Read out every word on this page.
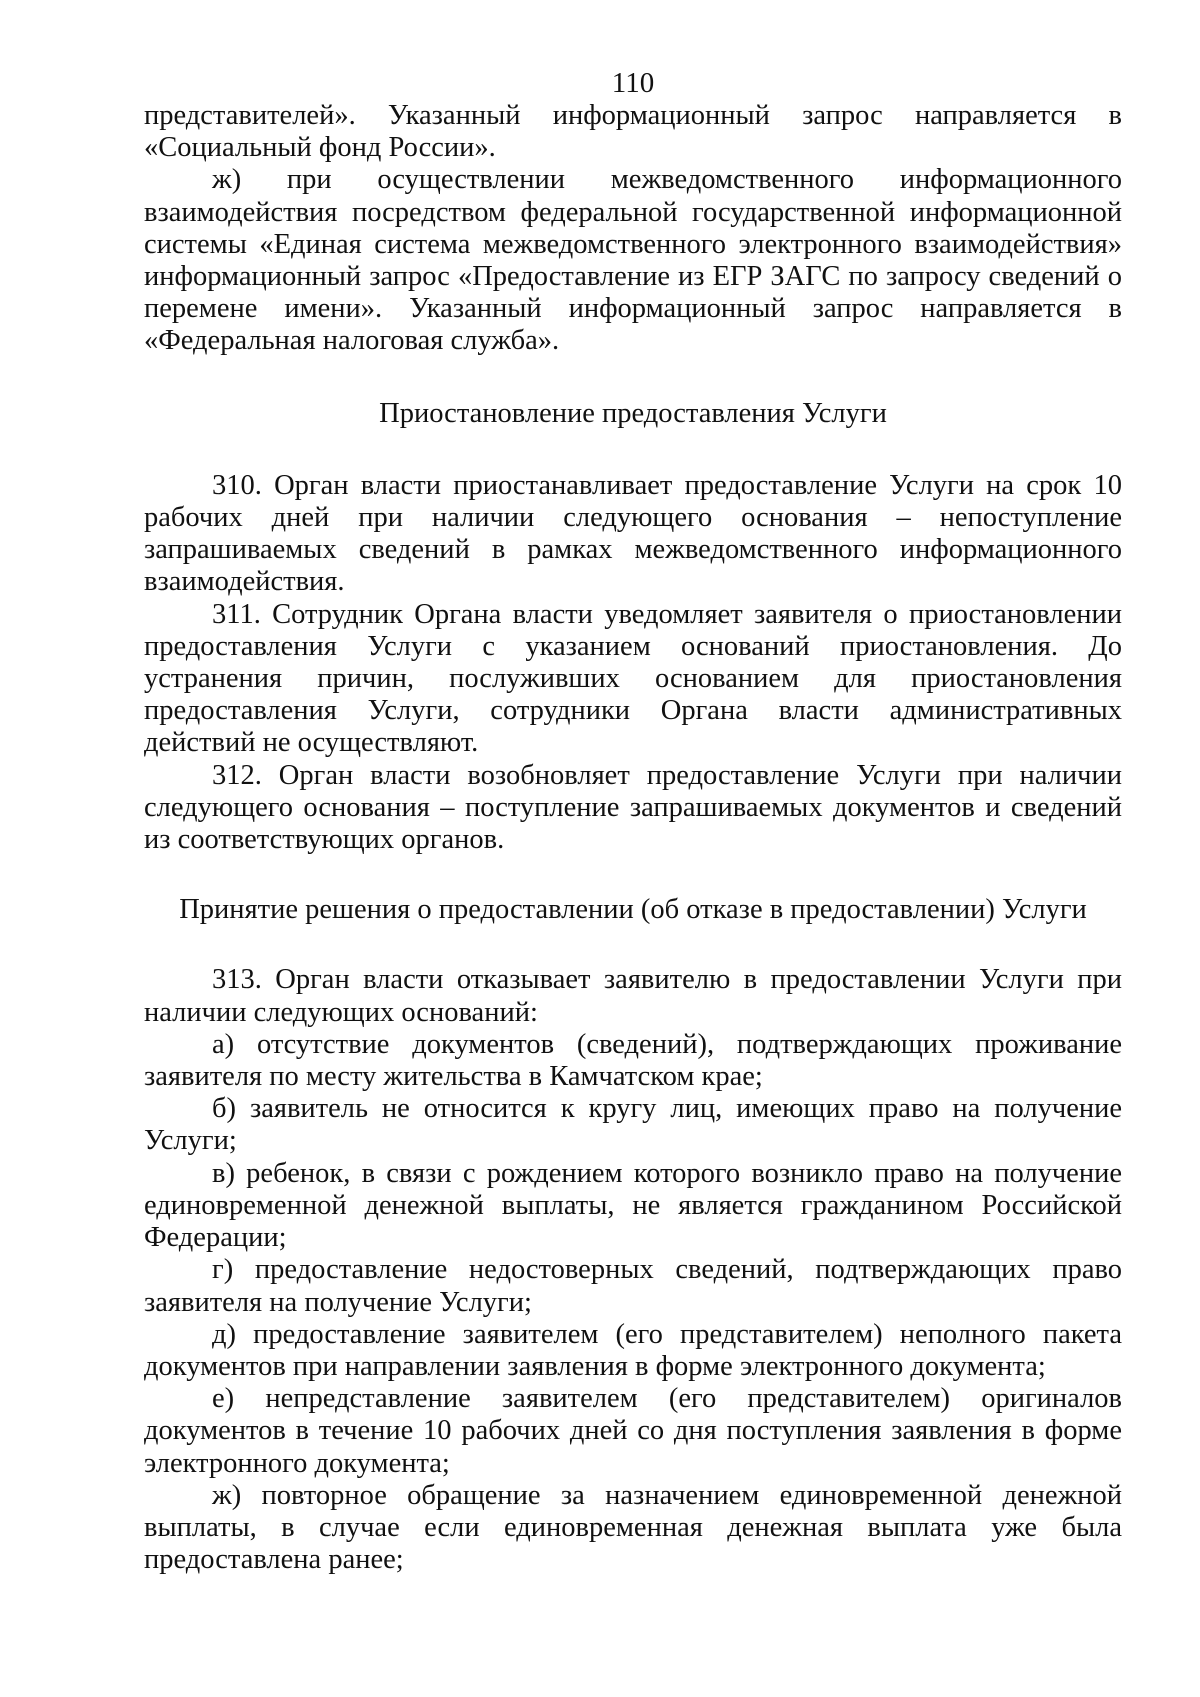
110

представителей». Указанный информационный запрос направляется в «Социальный фонд России».

ж) при осуществлении межведомственного информационного взаимодействия посредством федеральной государственной информационной системы «Единая система межведомственного электронного взаимодействия» информационный запрос «Предоставление из ЕГР ЗАГС по запросу сведений о перемене имени». Указанный информационный запрос направляется в «Федеральная налоговая служба».

Приостановление предоставления Услуги

310. Орган власти приостанавливает предоставление Услуги на срок 10 рабочих дней при наличии следующего основания – непоступление запрашиваемых сведений в рамках межведомственного информационного взаимодействия.

311. Сотрудник Органа власти уведомляет заявителя о приостановлении предоставления Услуги с указанием оснований приостановления. До устранения причин, послуживших основанием для приостановления предоставления Услуги, сотрудники Органа власти административных действий не осуществляют.

312. Орган власти возобновляет предоставление Услуги при наличии следующего основания – поступление запрашиваемых документов и сведений из соответствующих органов.

Принятие решения о предоставлении (об отказе в предоставлении) Услуги

313. Орган власти отказывает заявителю в предоставлении Услуги при наличии следующих оснований:

а) отсутствие документов (сведений), подтверждающих проживание заявителя по месту жительства в Камчатском крае;

б) заявитель не относится к кругу лиц, имеющих право на получение Услуги;

в) ребенок, в связи с рождением которого возникло право на получение единовременной денежной выплаты, не является гражданином Российской Федерации;

г) предоставление недостоверных сведений, подтверждающих право заявителя на получение Услуги;

д) предоставление заявителем (его представителем) неполного пакета документов при направлении заявления в форме электронного документа;

е) непредставление заявителем (его представителем) оригиналов документов в течение 10 рабочих дней со дня поступления заявления в форме электронного документа;

ж) повторное обращение за назначением единовременной денежной выплаты, в случае если единовременная денежная выплата уже была предоставлена ранее;
